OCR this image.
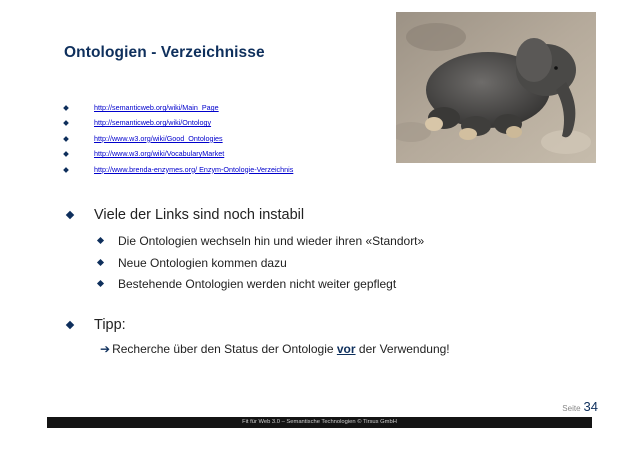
Ontologien - Verzeichnisse
http://semanticweb.org/wiki/Main_Page
http://semanticweb.org/wiki/Ontology
http://www.w3.org/wiki/Good_Ontologies
http://www.w3.org/wiki/VocabularyMarket
http://www.brenda-enzymes.org/ Enzym-Ontologie-Verzeichnis
Viele der Links sind noch instabil
Die Ontologien wechseln hin und wieder ihren «Standort»
Neue Ontologien kommen dazu
Bestehende Ontologien werden nicht weiter gepflegt
Tipp:
➔ Recherche über den Status der Ontologie vor der Verwendung!
Seite 34
Fit für Web 3.0 – Semantische Technologien © Tirsus GmbH
